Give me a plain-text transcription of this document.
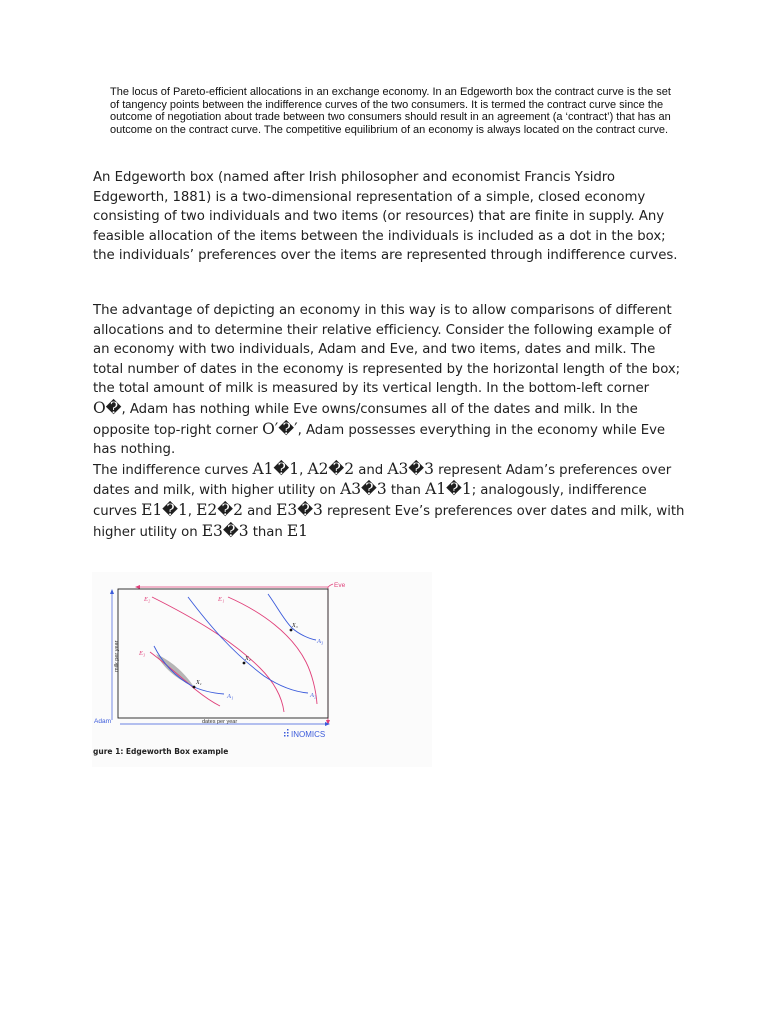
The locus of Pareto-efficient allocations in an exchange economy. In an Edgeworth box the contract curve is the set of tangency points between the indifference curves of the two consumers. It is termed the contract curve since the outcome of negotiation about trade between two consumers should result in an agreement (a ‘contract’) that has an outcome on the contract curve. The competitive equilibrium of an economy is always located on the contract curve.
An Edgeworth box (named after Irish philosopher and economist Francis Ysidro Edgeworth, 1881) is a two-dimensional representation of a simple, closed economy consisting of two individuals and two items (or resources) that are finite in supply. Any feasible allocation of the items between the individuals is included as a dot in the box; the individuals’ preferences over the items are represented through indifference curves.
The advantage of depicting an economy in this way is to allow comparisons of different allocations and to determine their relative efficiency. Consider the following example of an economy with two individuals, Adam and Eve, and two items, dates and milk. The total number of dates in the economy is represented by the horizontal length of the box; the total amount of milk is measured by its vertical length. In the bottom-left corner O�, Adam has nothing while Eve owns/consumes all of the dates and milk. In the opposite top-right corner O′�′, Adam possesses everything in the economy while Eve has nothing.
The indifference curves A1�1, A2�2 and A3�3 represent Adam’s preferences over dates and milk, with higher utility on A3�3 than A1�1; analogously, indifference curves E1�1, E2�2 and E3�3 represent Eve’s preferences over dates and milk, with higher utility on E3�3 than E1
Eve
Adam
milk per year
dates per year
E₂	E₁
E₃
X₁
X₂
X₃
A₁	A₂
A₃
INOMICS
gure 1: Edgeworth Box example
